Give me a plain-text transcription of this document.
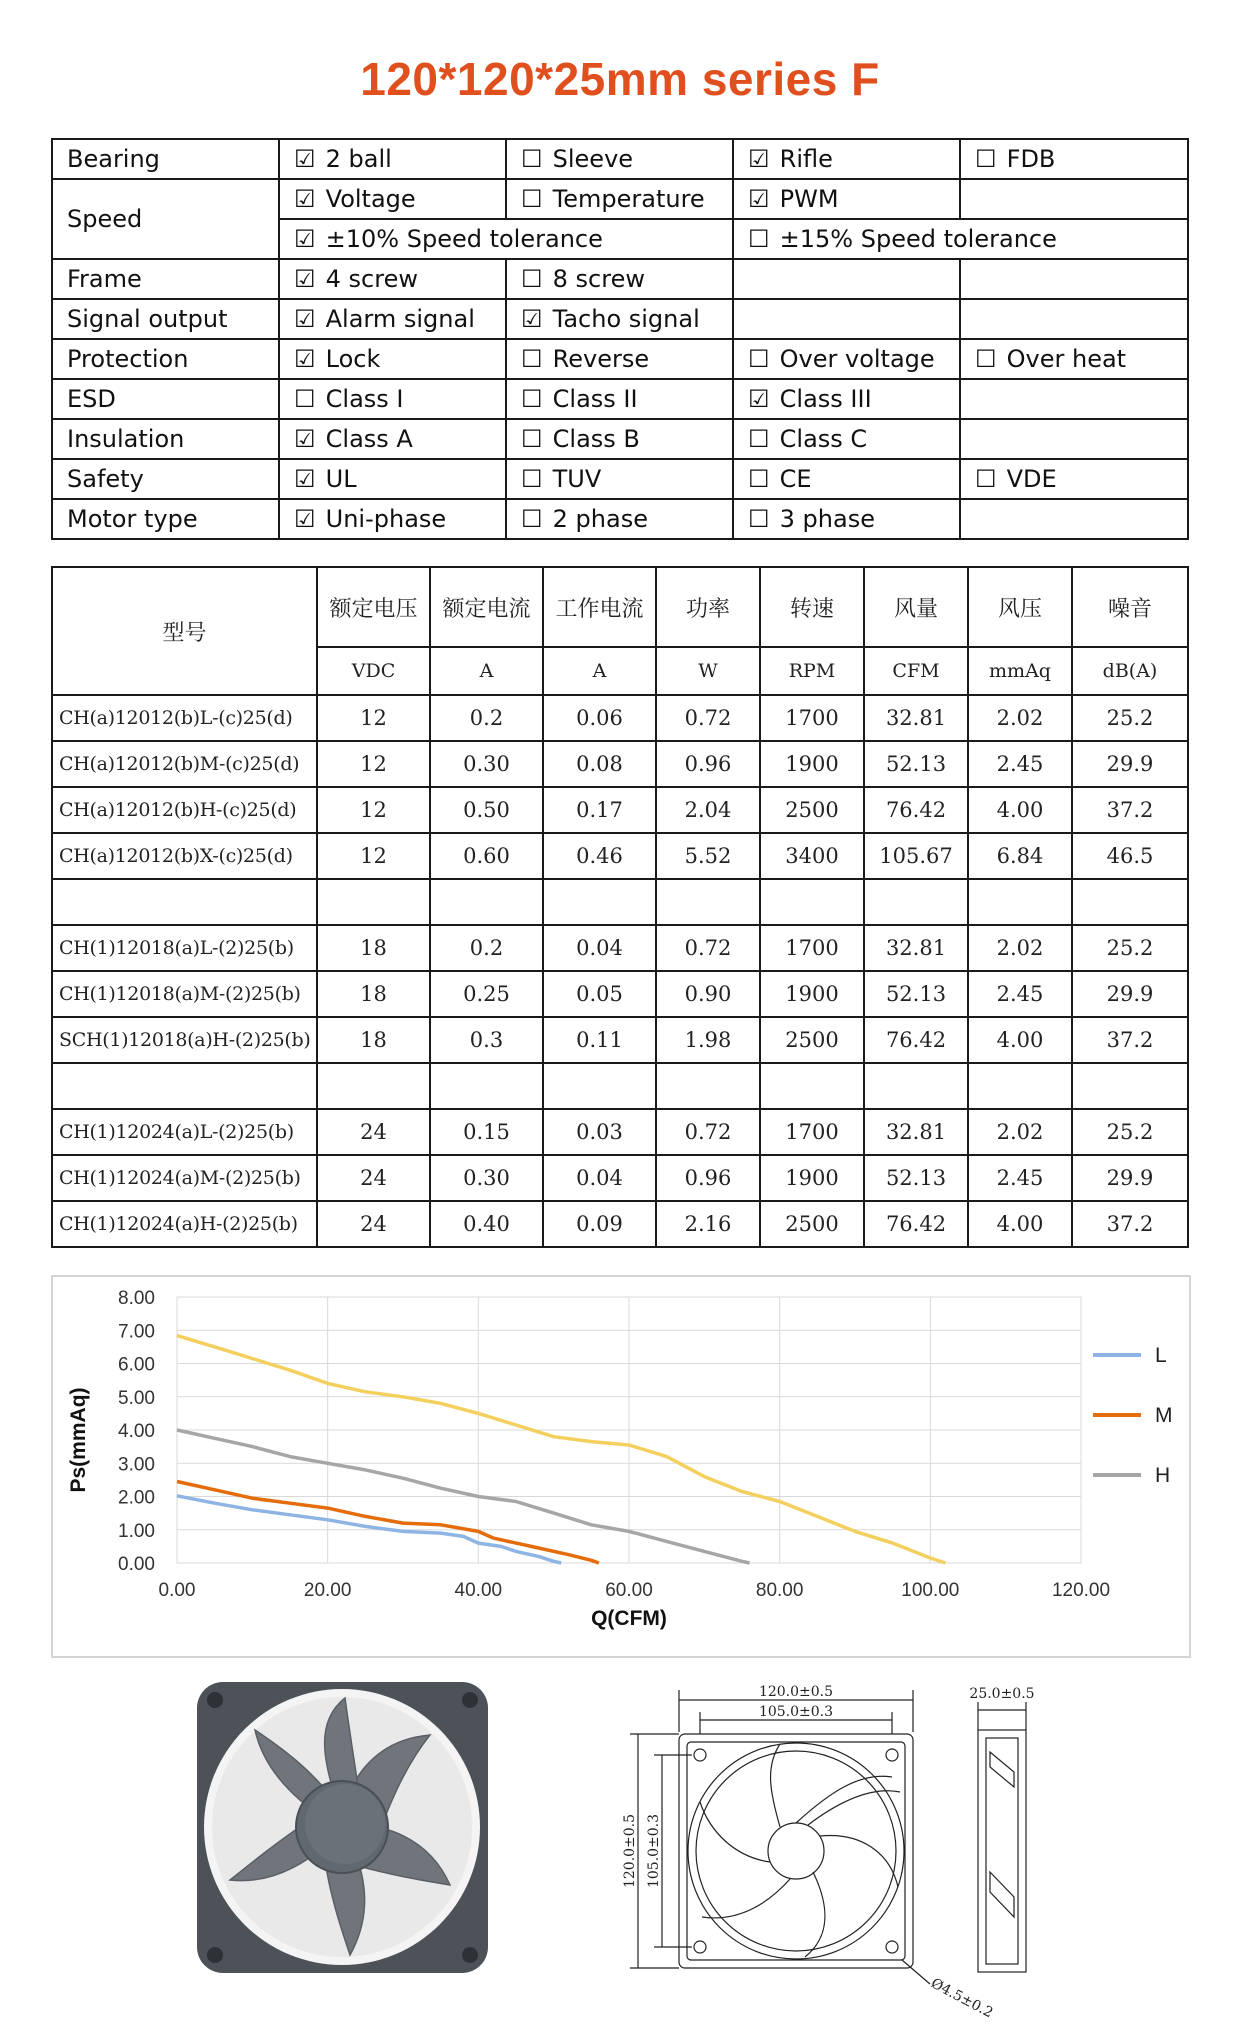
120*120*25mm series F
Bearing	☑ 2 ball	☐ Sleeve	☑ Rifle	☐ FDB
Speed	☑ Voltage	☐ Temperature	☑ PWM	
	☑ ±10% Speed tolerance		☐ ±15% Speed tolerance	
Frame	☑ 4 screw	☐ 8 screw		
Signal output	☑ Alarm signal	☑ Tacho signal		
Protection	☑ Lock	☐ Reverse	☐ Over voltage	☐ Over heat
ESD	☐ Class I	☐ Class II	☑ Class III	
Insulation	☑ Class A	☐ Class B	☐ Class C	
Safety	☑ UL	☐ TUV	☐ CE	☐ VDE
Motor type	☑ Uni-phase	☐ 2 phase	☐ 3 phase	
型号	额定电压	额定电流	工作电流	功率	转速	风量	风压	噪音
	VDC	A	A	W	RPM	CFM	mmAq	dB(A)
CH(a)12012(b)L-(c)25(d)	12	0.2	0.06	0.72	1700	32.81	2.02	25.2
CH(a)12012(b)M-(c)25(d)	12	0.30	0.08	0.96	1900	52.13	2.45	29.9
CH(a)12012(b)H-(c)25(d)	12	0.50	0.17	2.04	2500	76.42	4.00	37.2
CH(a)12012(b)X-(c)25(d)	12	0.60	0.46	5.52	3400	105.67	6.84	46.5

CH(1)12018(a)L-(2)25(b)	18	0.2	0.04	0.72	1700	32.81	2.02	25.2
CH(1)12018(a)M-(2)25(b)	18	0.25	0.05	0.90	1900	52.13	2.45	29.9
SCH(1)12018(a)H-(2)25(b)	18	0.3	0.11	1.98	2500	76.42	4.00	37.2

CH(1)12024(a)L-(2)25(b)	24	0.15	0.03	0.72	1700	32.81	2.02	25.2
CH(1)12024(a)M-(2)25(b)	24	0.30	0.04	0.96	1900	52.13	2.45	29.9
CH(1)12024(a)H-(2)25(b)	24	0.40	0.09	2.16	2500	76.42	4.00	37.2
0.00	20.00	40.00	60.00	80.00	100.00	120.00
0.00
1.00
2.00
3.00
4.00
5.00
6.00
7.00
8.00
Q(CFM)
Ps(mmAq)
L
M
H
120.0±0.5
105.0±0.3
25.0±0.5
120.0±0.5 105.0±0.3
Ø4.5±0.2
